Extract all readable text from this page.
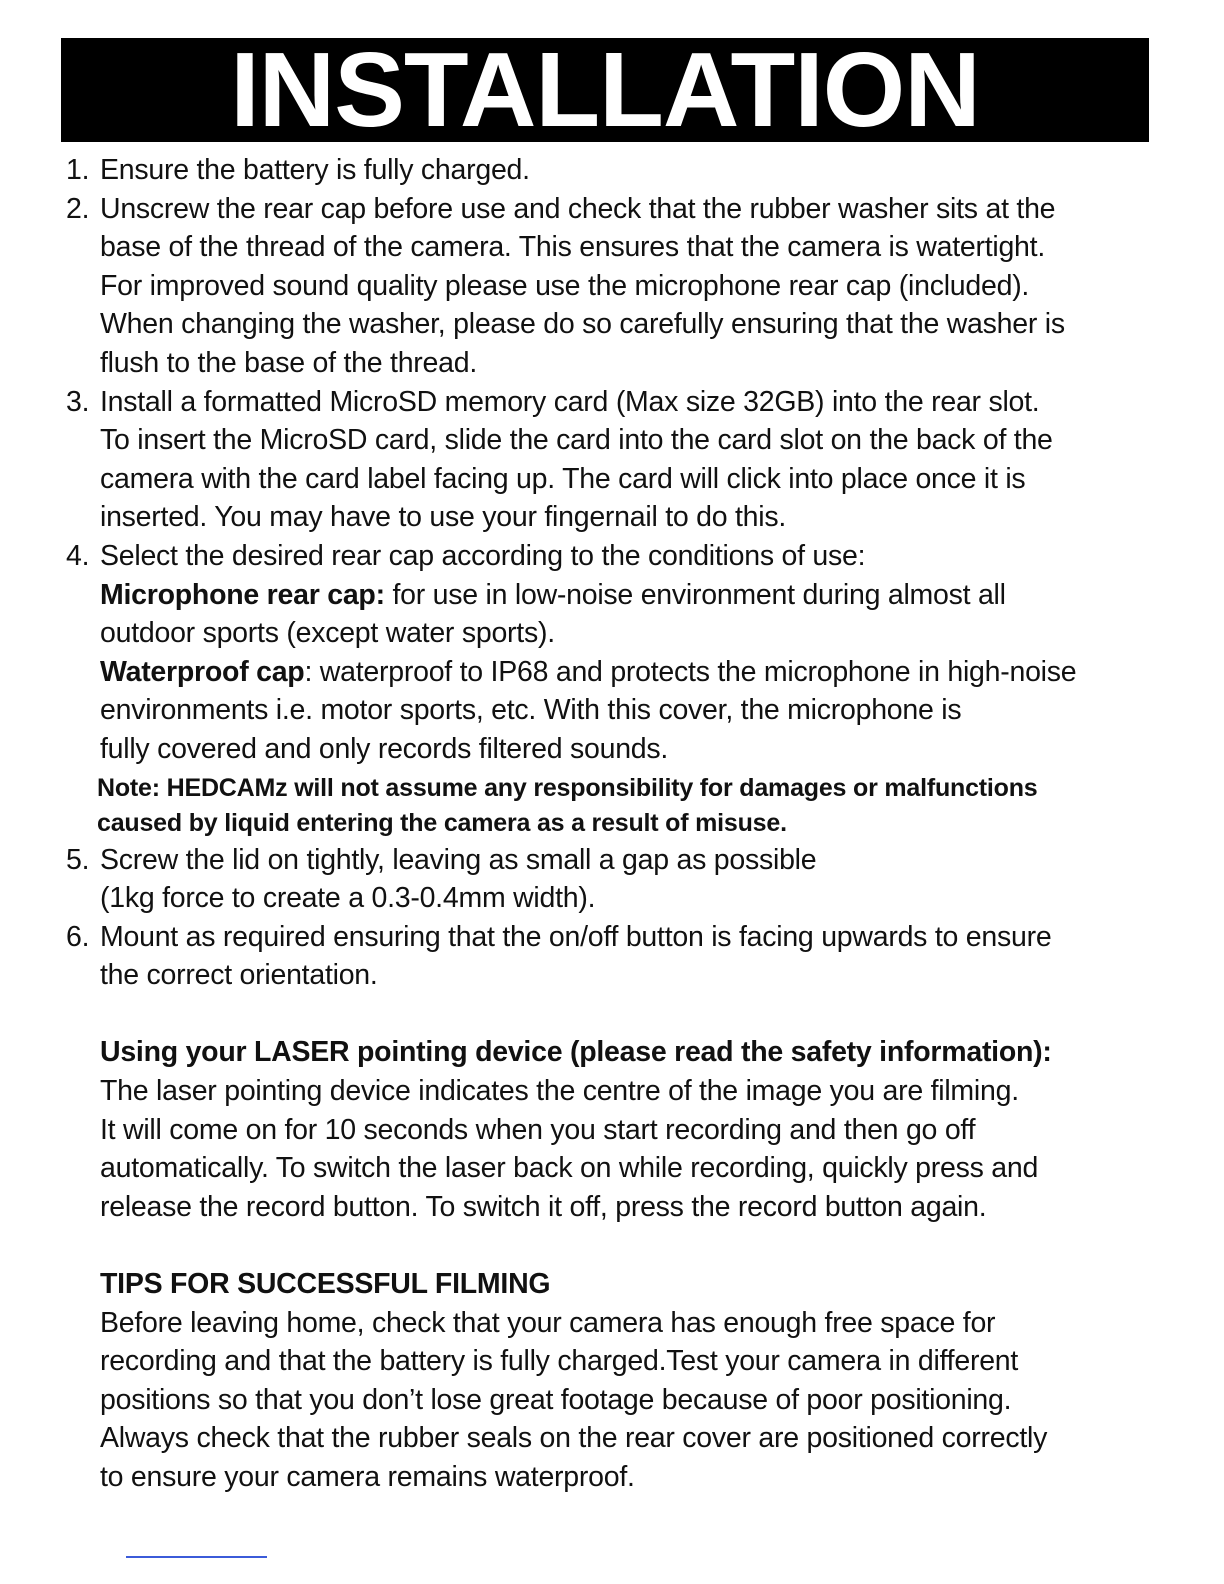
INSTALLATION
1. Ensure the battery is fully charged.
2. Unscrew the rear cap before use and check that the rubber washer sits at the
base of the thread of the camera. This ensures that the camera is watertight.
For improved sound quality please use the microphone rear cap (included).
When changing the washer, please do so carefully ensuring that the washer is
flush to the base of the thread.
3. Install a formatted MicroSD memory card (Max size 32GB) into the rear slot.
To insert the MicroSD card, slide the card into the card slot on the back of the
camera with the card label facing up. The card will click into place once it is
inserted. You may have to use your fingernail to do this.
4. Select the desired rear cap according to the conditions of use:
Microphone rear cap: for use in low-noise environment during almost all
outdoor sports (except water sports).
Waterproof cap: waterproof to IP68 and protects the microphone in high-noise
environments i.e. motor sports, etc. With this cover, the microphone is
fully covered and only records filtered sounds.
Note: HEDCAMz will not assume any responsibility for damages or malfunctions
caused by liquid entering the camera as a result of misuse.
5. Screw the lid on tightly, leaving as small a gap as possible
(1kg force to create a 0.3-0.4mm width).
6. Mount as required ensuring that the on/off button is facing upwards to ensure
the correct orientation.
Using your LASER pointing device (please read the safety information):
The laser pointing device indicates the centre of the image you are filming.
It will come on for 10 seconds when you start recording and then go off
automatically. To switch the laser back on while recording, quickly press and
release the record button. To switch it off, press the record button again.
TIPS FOR SUCCESSFUL FILMING
Before leaving home, check that your camera has enough free space for
recording and that the battery is fully charged.Test your camera in different
positions so that you don’t lose great footage because of poor positioning.
Always check that the rubber seals on the rear cover are positioned correctly
to ensure your camera remains waterproof.
